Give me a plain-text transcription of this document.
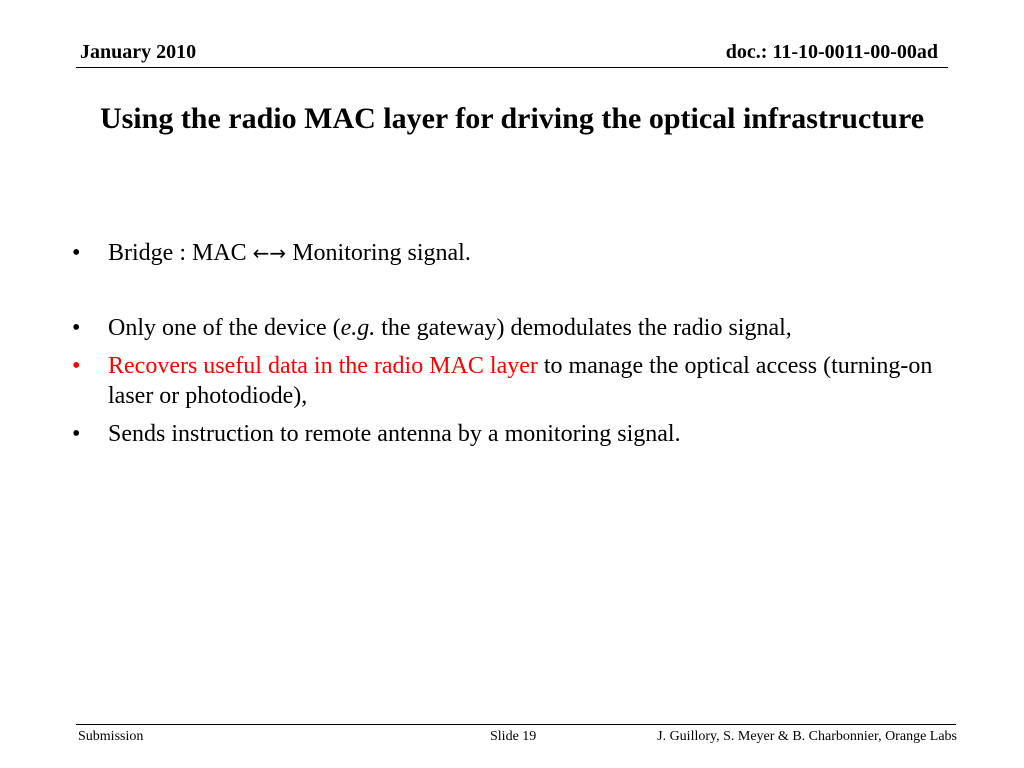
January 2010	doc.: 11-10-0011-00-00ad
Using the radio MAC layer for driving the optical infrastructure
•	Bridge : MAC ←→ Monitoring signal.
•	Only one of the device (e.g. the gateway) demodulates the radio signal,
•	Recovers useful data in the radio MAC layer to manage the optical access (turning-on laser or photodiode),
•	Sends instruction to remote antenna by a monitoring signal.
Submission	Slide 19	J. Guillory, S. Meyer & B. Charbonnier, Orange Labs
